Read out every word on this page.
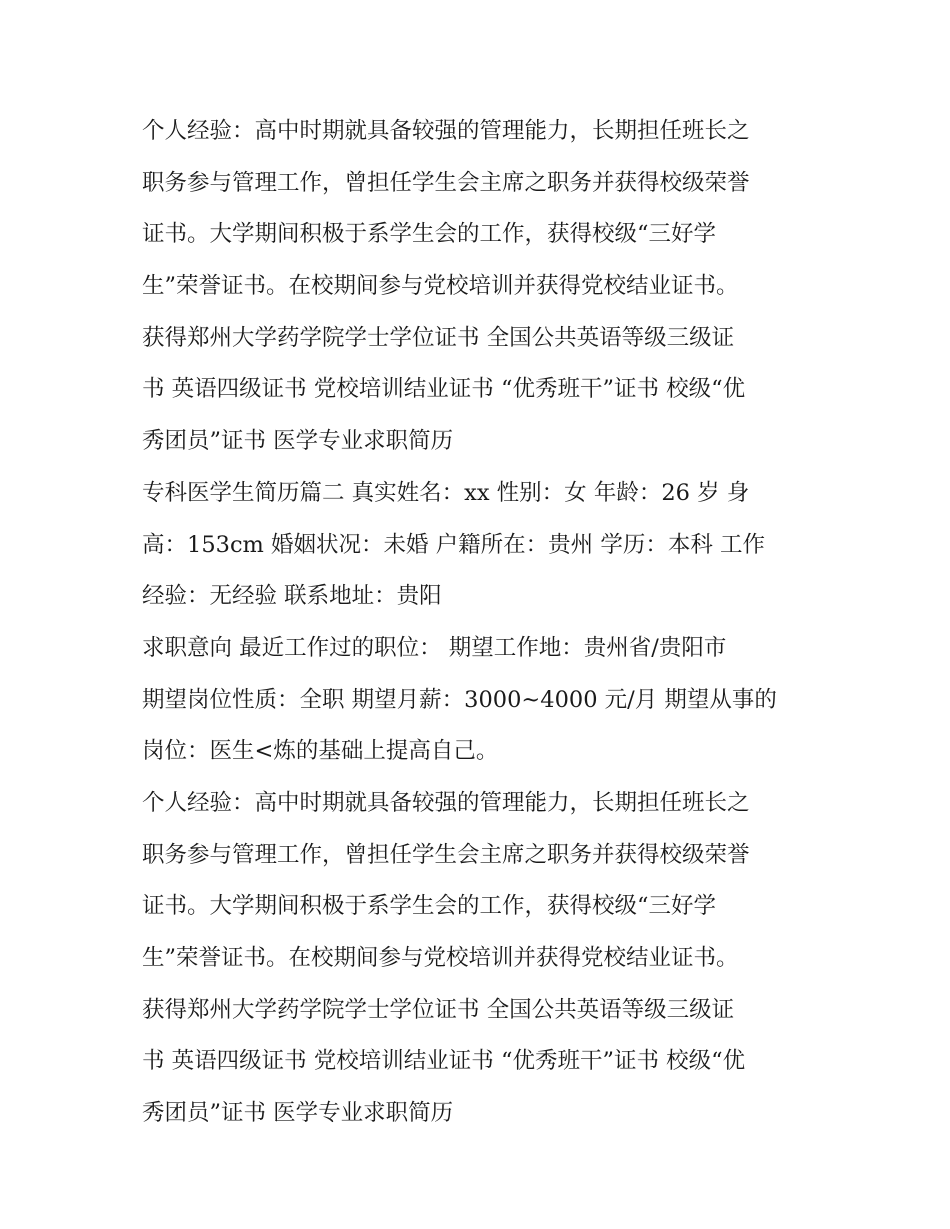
个人经验：高中时期就具备较强的管理能力，长期担任班长之
职务参与管理工作，曾担任学生会主席之职务并获得校级荣誉
证书。大学期间积极于系学生会的工作，获得校级“三好学
生”荣誉证书。在校期间参与党校培训并获得党校结业证书。
获得郑州大学药学院学士学位证书 全国公共英语等级三级证
书 英语四级证书 党校培训结业证书 “优秀班干”证书 校级“优
秀团员”证书 医学专业求职简历
专科医学生简历篇二 真实姓名：xx 性别：女 年龄：26 岁 身
高：153cm 婚姻状况：未婚 户籍所在：贵州 学历：本科 工作
经验：无经验 联系地址：贵阳
求职意向 最近工作过的职位： 期望工作地：贵州省/贵阳市
期望岗位性质：全职 期望月薪：3000~4000 元/月 期望从事的
岗位：医生<炼的基础上提高自己。
个人经验：高中时期就具备较强的管理能力，长期担任班长之
职务参与管理工作，曾担任学生会主席之职务并获得校级荣誉
证书。大学期间积极于系学生会的工作，获得校级“三好学
生”荣誉证书。在校期间参与党校培训并获得党校结业证书。
获得郑州大学药学院学士学位证书 全国公共英语等级三级证
书 英语四级证书 党校培训结业证书 “优秀班干”证书 校级“优
秀团员”证书 医学专业求职简历
